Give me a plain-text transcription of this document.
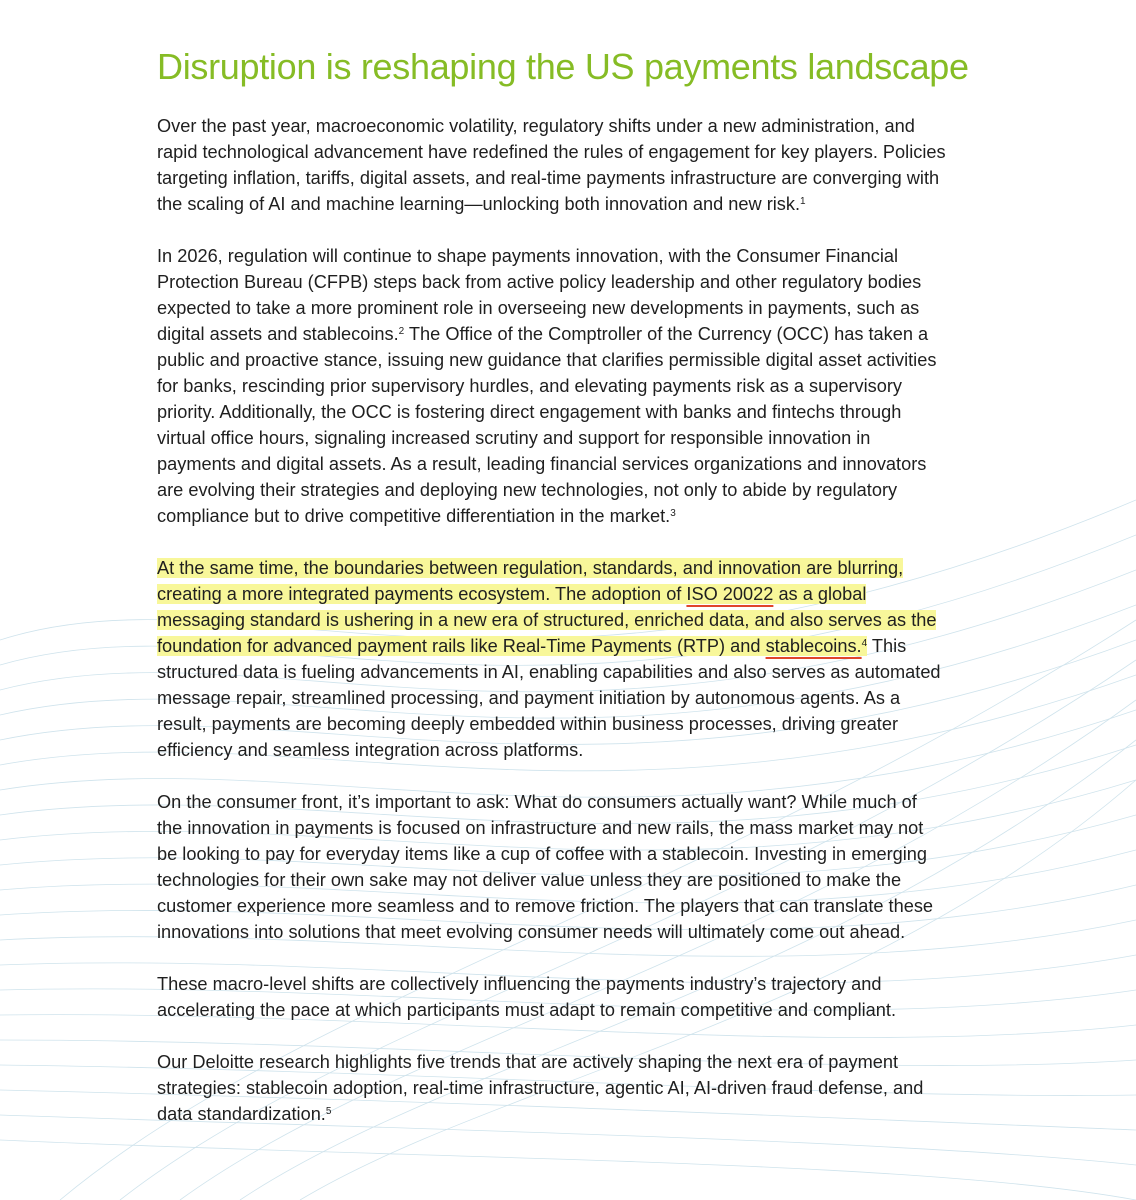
Disruption is reshaping the US payments landscape

Over the past year, macroeconomic volatility, regulatory shifts under a new administration, and rapid technological advancement have redefined the rules of engagement for key players. Policies targeting inflation, tariffs, digital assets, and real-time payments infrastructure are converging with the scaling of AI and machine learning—unlocking both innovation and new risk.$^1$

In 2026, regulation will continue to shape payments innovation, with the Consumer Financial Protection Bureau (CFPB) steps back from active policy leadership and other regulatory bodies expected to take a more prominent role in overseeing new developments in payments, such as digital assets and stablecoins.$^2$ The Office of the Comptroller of the Currency (OCC) has taken a public and proactive stance, issuing new guidance that clarifies permissible digital asset activities for banks, rescinding prior supervisory hurdles, and elevating payments risk as a supervisory priority. Additionally, the OCC is fostering direct engagement with banks and fintechs through virtual office hours, signaling increased scrutiny and support for responsible innovation in payments and digital assets. As a result, leading financial services organizations and innovators are evolving their strategies and deploying new technologies, not only to abide by regulatory compliance but to drive competitive differentiation in the market.$^3$

At the same time, the boundaries between regulation, standards, and innovation are blurring, creating a more integrated payments ecosystem. The adoption of ISO 20022 as a global messaging standard is ushering in a new era of structured, enriched data, and also serves as the foundation for advanced payment rails like Real-Time Payments (RTP) and stablecoins.$^4$ This structured data is fueling advancements in AI, enabling capabilities and also serves as automated message repair, streamlined processing, and payment initiation by autonomous agents. As a result, payments are becoming deeply embedded within business processes, driving greater efficiency and seamless integration across platforms.

On the consumer front, it’s important to ask: What do consumers actually want? While much of the innovation in payments is focused on infrastructure and new rails, the mass market may not be looking to pay for everyday items like a cup of coffee with a stablecoin. Investing in emerging technologies for their own sake may not deliver value unless they are positioned to make the customer experience more seamless and to remove friction. The players that can translate these innovations into solutions that meet evolving consumer needs will ultimately come out ahead.

These macro-level shifts are collectively influencing the payments industry’s trajectory and accelerating the pace at which participants must adapt to remain competitive and compliant.

Our Deloitte research highlights five trends that are actively shaping the next era of payment strategies: stablecoin adoption, real-time infrastructure, agentic AI, AI-driven fraud defense, and data standardization.$^5$
